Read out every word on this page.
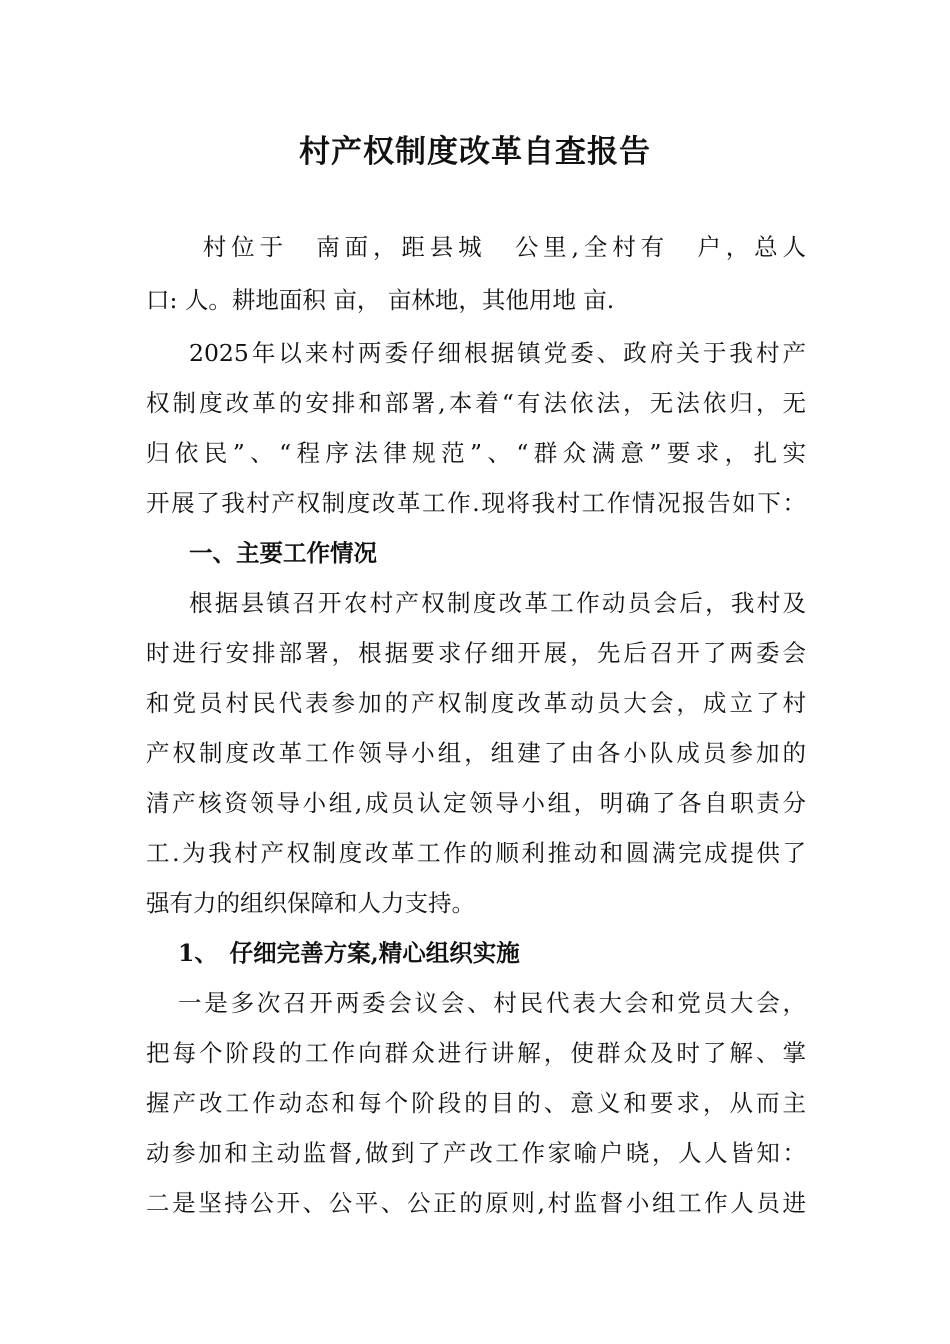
村产权制度改革自查报告
　　村位于　南面，距县城　公里,全村有　户，总人
口: 人。耕地面积 亩， 亩林地，其他用地 亩.
2025年以来村两委仔细根据镇党委、政府关于我村产
权制度改革的安排和部署,本着“有法依法，无法依归，无
归依民”、“程序法律规范”、“群众满意”要求，扎实
开展了我村产权制度改革工作.现将我村工作情况报告如下：
一、主要工作情况
根据县镇召开农村产权制度改革工作动员会后，我村及
时进行安排部署，根据要求仔细开展，先后召开了两委会
和党员村民代表参加的产权制度改革动员大会，成立了村
产权制度改革工作领导小组，组建了由各小队成员参加的
清产核资领导小组,成员认定领导小组，明确了各自职责分
工.为我村产权制度改革工作的顺利推动和圆满完成提供了
强有力的组织保障和人力支持。
1、　仔细完善方案,精心组织实施
一是多次召开两委会议会、村民代表大会和党员大会，
把每个阶段的工作向群众进行讲解，使群众及时了解、掌
握产改工作动态和每个阶段的目的、意义和要求，从而主
动参加和主动监督,做到了产改工作家喻户晓，人人皆知：
二是坚持公开、公平、公正的原则,村监督小组工作人员进
